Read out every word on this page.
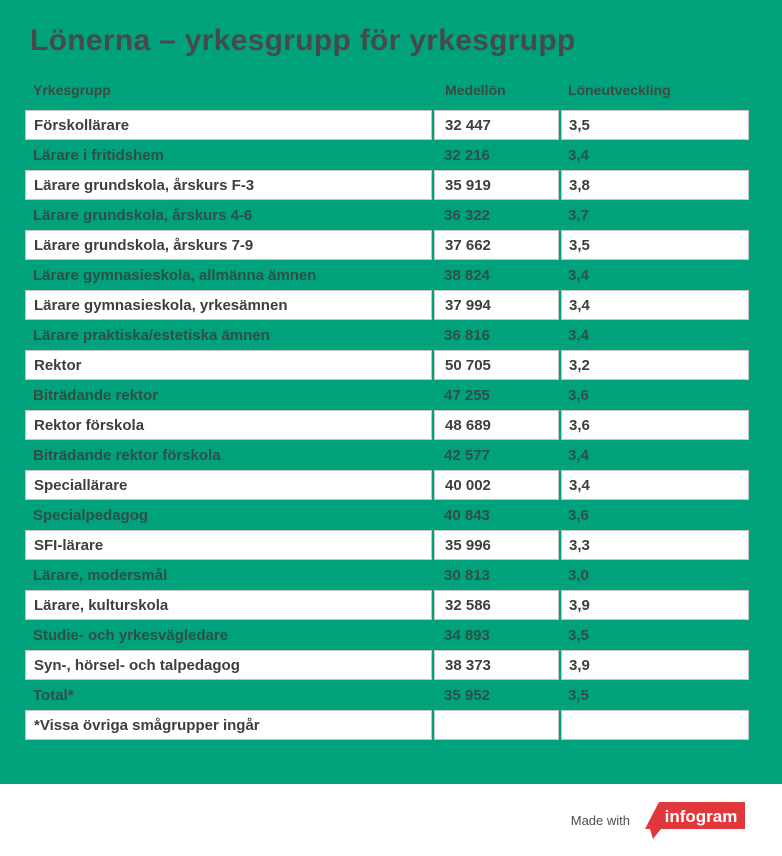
Lönerna – yrkesgrupp för yrkesgrupp
Yrkesgrupp	Medellön	Löneutveckling
Förskollärare	32 447	3,5
Lärare i fritidshem	32 216	3,4
Lärare grundskola, årskurs F-3	35 919	3,8
Lärare grundskola, årskurs 4-6	36 322	3,7
Lärare grundskola, årskurs 7-9	37 662	3,5
Lärare gymnasieskola, allmänna ämnen	38 824	3,4
Lärare gymnasieskola, yrkesämnen	37 994	3,4
Lärare praktiska/estetiska ämnen	36 816	3,4
Rektor	50 705	3,2
Biträdande rektor	47 255	3,6
Rektor förskola	48 689	3,6
Biträdande rektor förskola	42 577	3,4
Speciallärare	40 002	3,4
Specialpedagog	40 843	3,6
SFI-lärare	35 996	3,3
Lärare, modersmål	30 813	3,0
Lärare, kulturskola	32 586	3,9
Studie- och yrkesvägledare	34 893	3,5
Syn-, hörsel- och talpedagog	38 373	3,9
Total*	35 952	3,5
*Vissa övriga smågrupper ingår
Made with infogram
